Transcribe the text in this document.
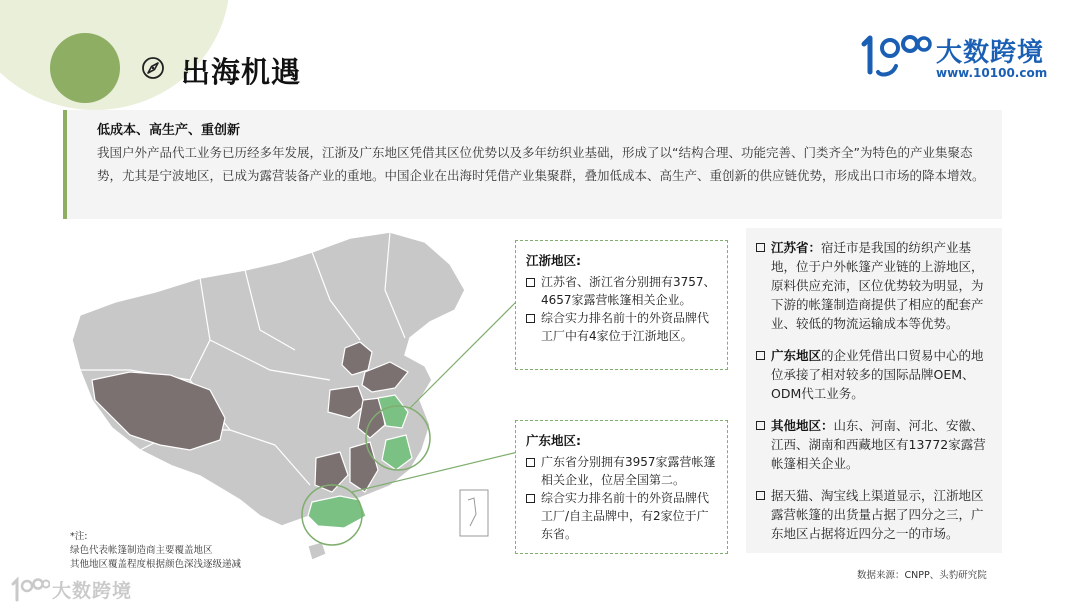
出海机遇
大数跨境
www.10100.com
低成本、高生产、重创新
我国户外产品代工业务已历经多年发展，江浙及广东地区凭借其区位优势以及多年纺织业基础，形成了以“结构合理、功能完善、门类齐全”为特色的产业集聚态势，尤其是宁波地区，已成为露营装备产业的重地。中国企业在出海时凭借产业集聚群，叠加低成本、高生产、重创新的供应链优势，形成出口市场的降本增效。
*注:
绿色代表帐篷制造商主要覆盖地区
其他地区覆盖程度根据颜色深浅逐级递减
大数跨境
江浙地区:
江苏省、浙江省分别拥有3757、4657家露营帐篷相关企业。
综合实力排名前十的外资品牌代工厂中有4家位于江浙地区。
广东地区:
广东省分别拥有3957家露营帐篷相关企业，位居全国第二。
综合实力排名前十的外资品牌代工厂/自主品牌中，有2家位于广东省。
江苏省：宿迁市是我国的纺织产业基地，位于户外帐篷产业链的上游地区，原料供应充沛，区位优势较为明显，为下游的帐篷制造商提供了相应的配套产业、较低的物流运输成本等优势。
广东地区的企业凭借出口贸易中心的地位承接了相对较多的国际品牌OEM、ODM代工业务。
其他地区：山东、河南、河北、安徽、江西、湖南和西藏地区有13772家露营帐篷相关企业。
据天猫、淘宝线上渠道显示，江浙地区露营帐篷的出货量占据了四分之三，广东地区占据将近四分之一的市场。
数据来源：CNPP、头豹研究院
